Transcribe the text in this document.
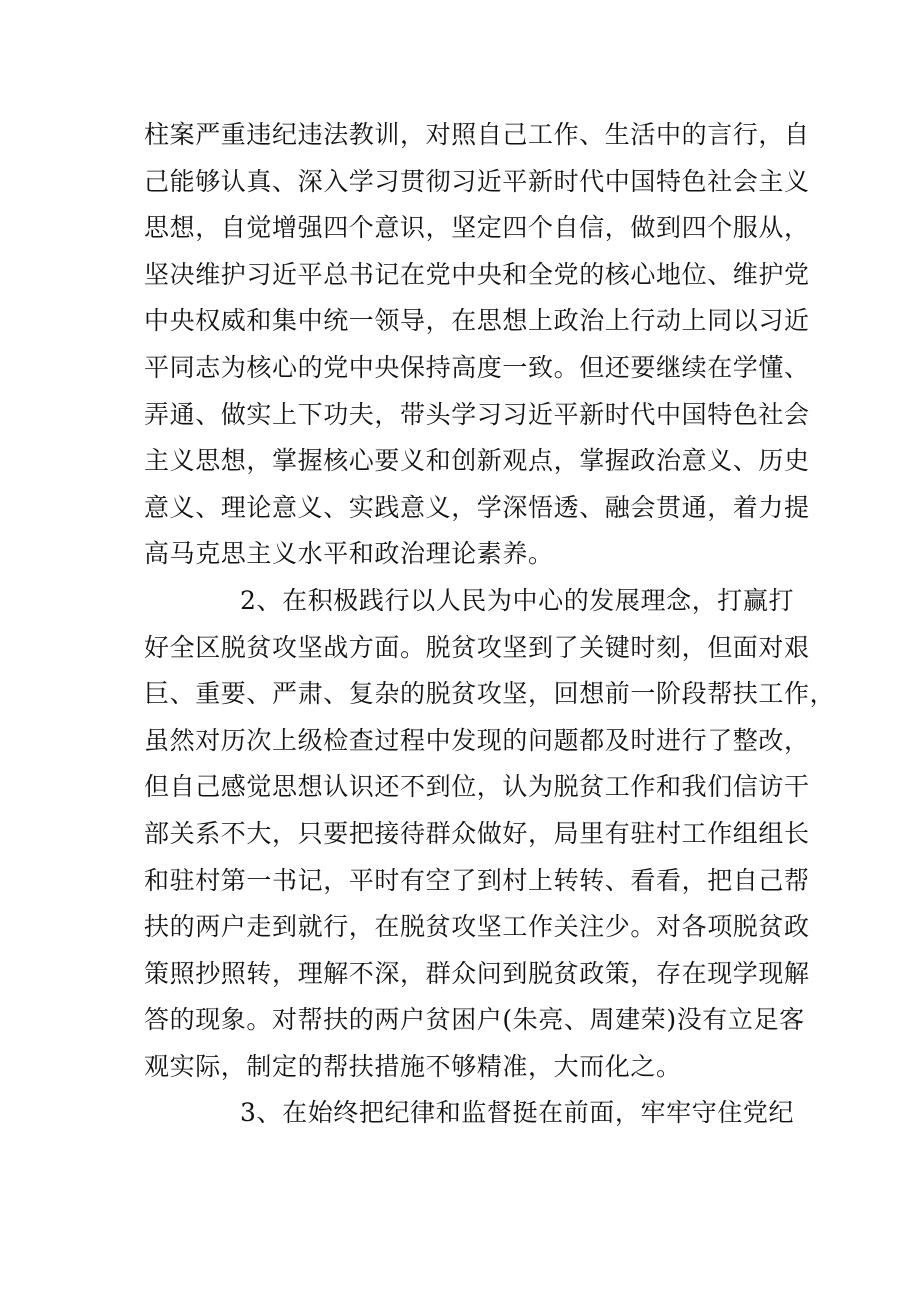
柱案严重违纪违法教训，对照自己工作、生活中的言行，自
己能够认真、深入学习贯彻习近平新时代中国特色社会主义
思想，自觉增强四个意识，坚定四个自信，做到四个服从，
坚决维护习近平总书记在党中央和全党的核心地位、维护党
中央权威和集中统一领导，在思想上政治上行动上同以习近
平同志为核心的党中央保持高度一致。但还要继续在学懂、
弄通、做实上下功夫，带头学习习近平新时代中国特色社会
主义思想，掌握核心要义和创新观点，掌握政治意义、历史
意义、理论意义、实践意义，学深悟透、融会贯通，着力提
高马克思主义水平和政治理论素养。
2、在积极践行以人民为中心的发展理念，打赢打
好全区脱贫攻坚战方面。脱贫攻坚到了关键时刻，但面对艰
巨、重要、严肃、复杂的脱贫攻坚，回想前一阶段帮扶工作，
虽然对历次上级检查过程中发现的问题都及时进行了整改，
但自己感觉思想认识还不到位，认为脱贫工作和我们信访干
部关系不大，只要把接待群众做好，局里有驻村工作组组长
和驻村第一书记，平时有空了到村上转转、看看，把自己帮
扶的两户走到就行，在脱贫攻坚工作关注少。对各项脱贫政
策照抄照转，理解不深，群众问到脱贫政策，存在现学现解
答的现象。对帮扶的两户贫困户(朱亮、周建荣)没有立足客
观实际，制定的帮扶措施不够精准，大而化之。
3、在始终把纪律和监督挺在前面，牢牢守住党纪
